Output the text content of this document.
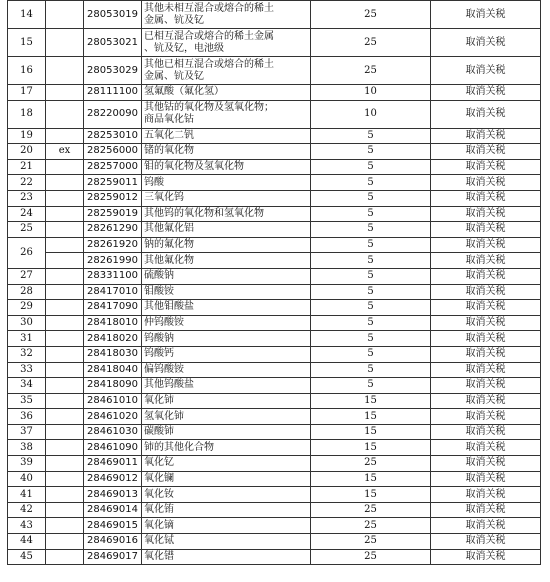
14		28053019	其他未相互混合或熔合的稀土
金属、钪及钇	25	取消关税
15		28053021	已相互混合或熔合的稀土金属
、钪及钇，电池级	25	取消关税
16		28053029	其他已相互混合或熔合的稀土
金属、钪及钇	25	取消关税
17		28111100	氢氟酸（氟化氢）	10	取消关税
18		28220090	其他钴的氧化物及氢氧化物；
商品氧化钴	10	取消关税
19		28253010	五氧化二钒	5	取消关税
20	ex	28256000	锗的氧化物	5	取消关税
21		28257000	钼的氧化物及氢氧化物	5	取消关税
22		28259011	钨酸	5	取消关税
23		28259012	三氧化钨	5	取消关税
24		28259019	其他钨的氧化物和氢氧化物	5	取消关税
25		28261290	其他氟化铝	5	取消关税
26		28261920	钠的氟化物	5	取消关税
		28261990	其他氟化物	5	取消关税
27		28331100	硫酸钠	5	取消关税
28		28417010	钼酸铵	5	取消关税
29		28417090	其他钼酸盐	5	取消关税
30		28418010	仲钨酸铵	5	取消关税
31		28418020	钨酸钠	5	取消关税
32		28418030	钨酸钙	5	取消关税
33		28418040	偏钨酸铵	5	取消关税
34		28418090	其他钨酸盐	5	取消关税
35		28461010	氧化铈	15	取消关税
36		28461020	氢氧化铈	15	取消关税
37		28461030	碳酸铈	15	取消关税
38		28461090	铈的其他化合物	15	取消关税
39		28469011	氧化钇	25	取消关税
40		28469012	氧化镧	15	取消关税
41		28469013	氧化钕	15	取消关税
42		28469014	氧化铕	25	取消关税
43		28469015	氧化镝	25	取消关税
44		28469016	氧化铽	25	取消关税
45		28469017	氧化镨	25	取消关税
